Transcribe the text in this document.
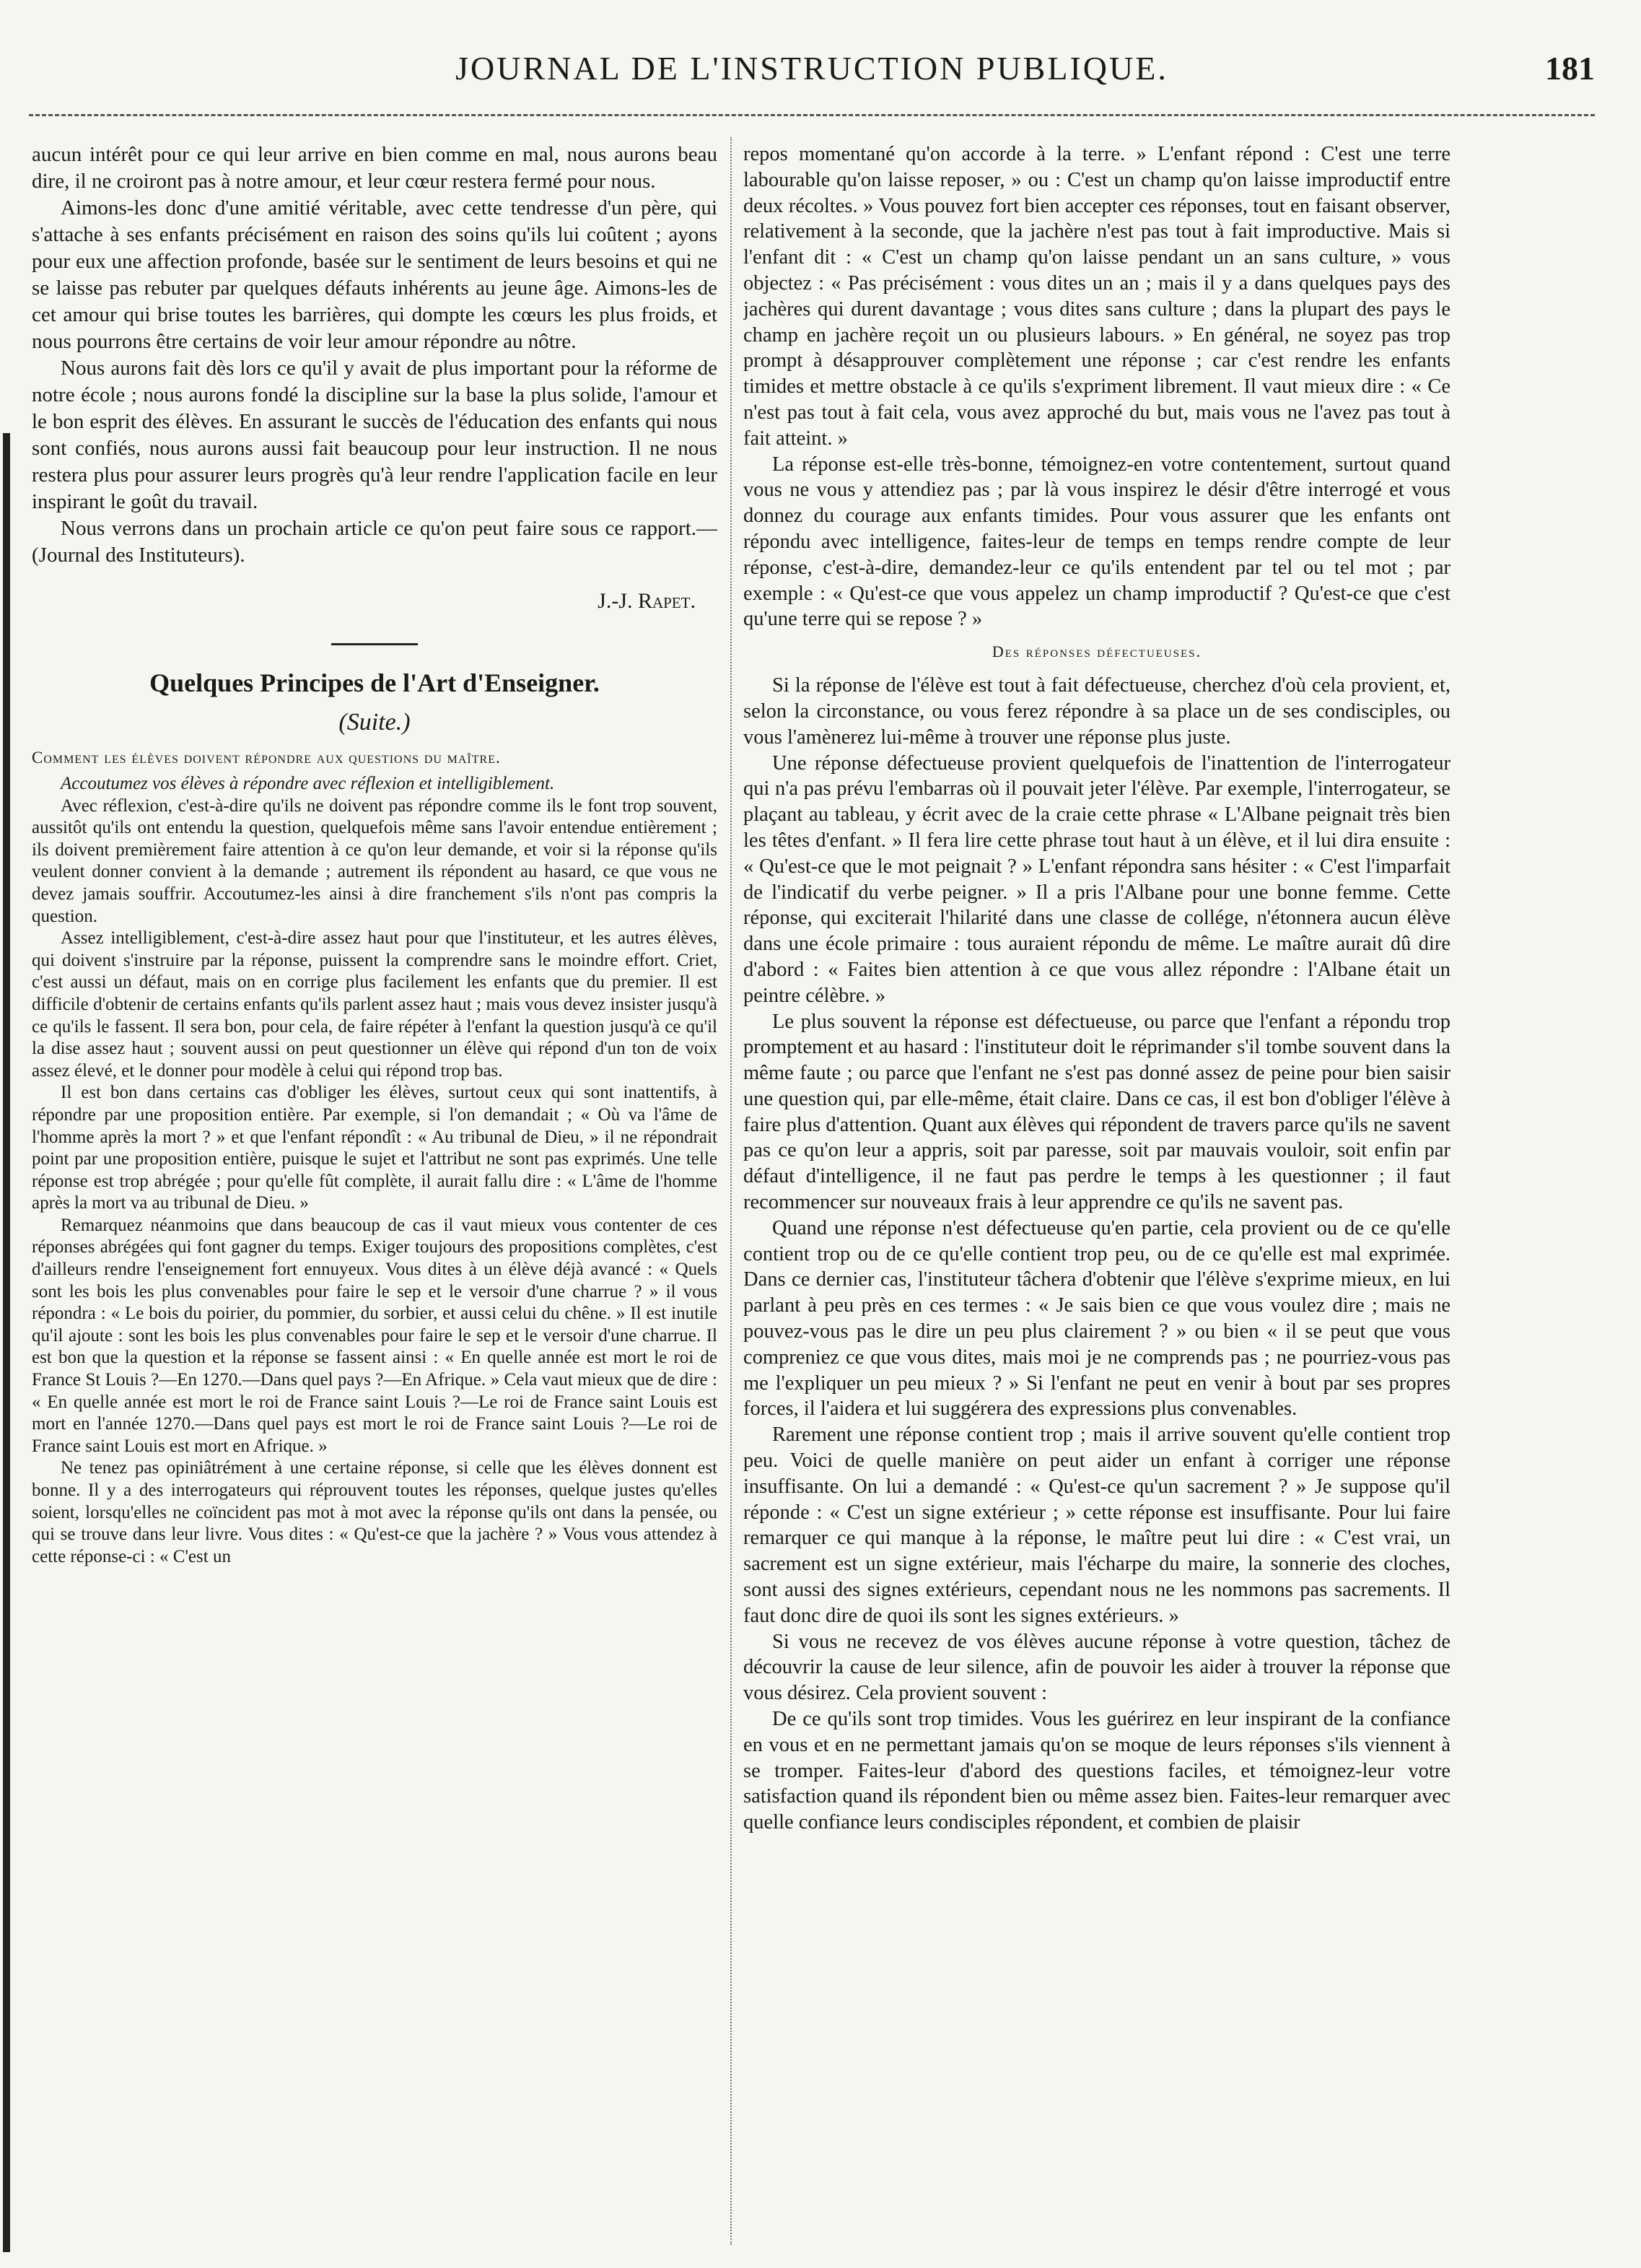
JOURNAL DE L'INSTRUCTION PUBLIQUE.	181

aucun intérêt pour ce qui leur arrive en bien comme en mal, nous aurons beau dire, il ne croiront pas à notre amour, et leur cœur restera fermé pour nous.

Aimons-les donc d'une amitié véritable, avec cette tendresse d'un père, qui s'attache à ses enfants précisément en raison des soins qu'ils lui coûtent ; ayons pour eux une affection profonde, basée sur le sentiment de leurs besoins et qui ne se laisse pas rebuter par quelques défauts inhérents au jeune âge. Aimons-les de cet amour qui brise toutes les barrières, qui dompte les cœurs les plus froids, et nous pourrons être certains de voir leur amour répondre au nôtre.

Nous aurons fait dès lors ce qu'il y avait de plus important pour la réforme de notre école ; nous aurons fondé la discipline sur la base la plus solide, l'amour et le bon esprit des élèves. En assurant le succès de l'éducation des enfants qui nous sont confiés, nous aurons aussi fait beaucoup pour leur instruction. Il ne nous restera plus pour assurer leurs progrès qu'à leur rendre l'application facile en leur inspirant le goût du travail.

Nous verrons dans un prochain article ce qu'on peut faire sous ce rapport.—(Journal des Instituteurs).

J.-J. Rapet.

Quelques Principes de l'Art d'Enseigner.

(Suite.)

Comment les élèves doivent répondre aux questions du maître.

Accoutumez vos élèves à répondre avec réflexion et intelligiblement.

Avec réflexion, c'est-à-dire qu'ils ne doivent pas répondre comme ils le font trop souvent, aussitôt qu'ils ont entendu la question, quelquefois même sans l'avoir entendue entièrement ; ils doivent premièrement faire attention à ce qu'on leur demande, et voir si la réponse qu'ils veulent donner convient à la demande ; autrement ils répondent au hasard, ce que vous ne devez jamais souffrir. Accoutumez-les ainsi à dire franchement s'ils n'ont pas compris la question.

Assez intelligiblement, c'est-à-dire assez haut pour que l'instituteur, et les autres élèves, qui doivent s'instruire par la réponse, puissent la comprendre sans le moindre effort. Criet, c'est aussi un défaut, mais on en corrige plus facilement les enfants que du premier. Il est difficile d'obtenir de certains enfants qu'ils parlent assez haut ; mais vous devez insister jusqu'à ce qu'ils le fassent. Il sera bon, pour cela, de faire répéter à l'enfant la question jusqu'à ce qu'il la dise assez haut ; souvent aussi on peut questionner un élève qui répond d'un ton de voix assez élevé, et le donner pour modèle à celui qui répond trop bas.

Il est bon dans certains cas d'obliger les élèves, surtout ceux qui sont inattentifs, à répondre par une proposition entière. Par exemple, si l'on demandait ; « Où va l'âme de l'homme après la mort ? » et que l'enfant répondît : « Au tribunal de Dieu, » il ne répondrait point par une proposition entière, puisque le sujet et l'attribut ne sont pas exprimés. Une telle réponse est trop abrégée ; pour qu'elle fût complète, il aurait fallu dire : « L'âme de l'homme après la mort va au tribunal de Dieu. »

Remarquez néanmoins que dans beaucoup de cas il vaut mieux vous contenter de ces réponses abrégées qui font gagner du temps. Exiger toujours des propositions complètes, c'est d'ailleurs rendre l'enseignement fort ennuyeux. Vous dites à un élève déjà avancé : « Quels sont les bois les plus convenables pour faire le sep et le versoir d'une charrue ? » il vous répondra : « Le bois du poirier, du pommier, du sorbier, et aussi celui du chêne. » Il est inutile qu'il ajoute : sont les bois les plus convenables pour faire le sep et le versoir d'une charrue. Il est bon que la question et la réponse se fassent ainsi : « En quelle année est mort le roi de France St Louis ?—En 1270.—Dans quel pays ?—En Afrique. » Cela vaut mieux que de dire : « En quelle année est mort le roi de France saint Louis ?—Le roi de France saint Louis est mort en l'année 1270.—Dans quel pays est mort le roi de France saint Louis ?—Le roi de France saint Louis est mort en Afrique. »

Ne tenez pas opiniâtrément à une certaine réponse, si celle que les élèves donnent est bonne. Il y a des interrogateurs qui réprouvent toutes les réponses, quelque justes qu'elles soient, lorsqu'elles ne coïncident pas mot à mot avec la réponse qu'ils ont dans la pensée, ou qui se trouve dans leur livre. Vous dites : « Qu'est-ce que la jachère ? » Vous vous attendez à cette réponse-ci : « C'est un

repos momentané qu'on accorde à la terre. » L'enfant répond : C'est une terre labourable qu'on laisse reposer, » ou : C'est un champ qu'on laisse improductif entre deux récoltes. » Vous pouvez fort bien accepter ces réponses, tout en faisant observer, relativement à la seconde, que la jachère n'est pas tout à fait improductive. Mais si l'enfant dit : « C'est un champ qu'on laisse pendant un an sans culture, » vous objectez : « Pas précisément : vous dites un an ; mais il y a dans quelques pays des jachères qui durent davantage ; vous dites sans culture ; dans la plupart des pays le champ en jachère reçoit un ou plusieurs labours. » En général, ne soyez pas trop prompt à désapprouver complètement une réponse ; car c'est rendre les enfants timides et mettre obstacle à ce qu'ils s'expriment librement. Il vaut mieux dire : « Ce n'est pas tout à fait cela, vous avez approché du but, mais vous ne l'avez pas tout à fait atteint. »

La réponse est-elle très-bonne, témoignez-en votre contentement, surtout quand vous ne vous y attendiez pas ; par là vous inspirez le désir d'être interrogé et vous donnez du courage aux enfants timides. Pour vous assurer que les enfants ont répondu avec intelligence, faites-leur de temps en temps rendre compte de leur réponse, c'est-à-dire, demandez-leur ce qu'ils entendent par tel ou tel mot ; par exemple : « Qu'est-ce que vous appelez un champ improductif ? Qu'est-ce que c'est qu'une terre qui se repose ? »

Des réponses défectueuses.

Si la réponse de l'élève est tout à fait défectueuse, cherchez d'où cela provient, et, selon la circonstance, ou vous ferez répondre à sa place un de ses condisciples, ou vous l'amènerez lui-même à trouver une réponse plus juste.

Une réponse défectueuse provient quelquefois de l'inattention de l'interrogateur qui n'a pas prévu l'embarras où il pouvait jeter l'élève. Par exemple, l'interrogateur, se plaçant au tableau, y écrit avec de la craie cette phrase « L'Albane peignait très bien les têtes d'enfant. » Il fera lire cette phrase tout haut à un élève, et il lui dira ensuite : « Qu'est-ce que le mot peignait ? » L'enfant répondra sans hésiter : « C'est l'imparfait de l'indicatif du verbe peigner. » Il a pris l'Albane pour une bonne femme. Cette réponse, qui exciterait l'hilarité dans une classe de collége, n'étonnera aucun élève dans une école primaire : tous auraient répondu de même. Le maître aurait dû dire d'abord : « Faites bien attention à ce que vous allez répondre : l'Albane était un peintre célèbre. »

Le plus souvent la réponse est défectueuse, ou parce que l'enfant a répondu trop promptement et au hasard : l'instituteur doit le réprimander s'il tombe souvent dans la même faute ; ou parce que l'enfant ne s'est pas donné assez de peine pour bien saisir une question qui, par elle-même, était claire. Dans ce cas, il est bon d'obliger l'élève à faire plus d'attention. Quant aux élèves qui répondent de travers parce qu'ils ne savent pas ce qu'on leur a appris, soit par paresse, soit par mauvais vouloir, soit enfin par défaut d'intelligence, il ne faut pas perdre le temps à les questionner ; il faut recommencer sur nouveaux frais à leur apprendre ce qu'ils ne savent pas.

Quand une réponse n'est défectueuse qu'en partie, cela provient ou de ce qu'elle contient trop ou de ce qu'elle contient trop peu, ou de ce qu'elle est mal exprimée. Dans ce dernier cas, l'instituteur tâchera d'obtenir que l'élève s'exprime mieux, en lui parlant à peu près en ces termes : « Je sais bien ce que vous voulez dire ; mais ne pouvez-vous pas le dire un peu plus clairement ? » ou bien « il se peut que vous compreniez ce que vous dites, mais moi je ne comprends pas ; ne pourriez-vous pas me l'expliquer un peu mieux ? » Si l'enfant ne peut en venir à bout par ses propres forces, il l'aidera et lui suggérera des expressions plus convenables.

Rarement une réponse contient trop ; mais il arrive souvent qu'elle contient trop peu. Voici de quelle manière on peut aider un enfant à corriger une réponse insuffisante. On lui a demandé : « Qu'est-ce qu'un sacrement ? » Je suppose qu'il réponde : « C'est un signe extérieur ; » cette réponse est insuffisante. Pour lui faire remarquer ce qui manque à la réponse, le maître peut lui dire : « C'est vrai, un sacrement est un signe extérieur, mais l'écharpe du maire, la sonnerie des cloches, sont aussi des signes extérieurs, cependant nous ne les nommons pas sacrements. Il faut donc dire de quoi ils sont les signes extérieurs. »

Si vous ne recevez de vos élèves aucune réponse à votre question, tâchez de découvrir la cause de leur silence, afin de pouvoir les aider à trouver la réponse que vous désirez. Cela provient souvent :

De ce qu'ils sont trop timides. Vous les guérirez en leur inspirant de la confiance en vous et en ne permettant jamais qu'on se moque de leurs réponses s'ils viennent à se tromper. Faites-leur d'abord des questions faciles, et témoignez-leur votre satisfaction quand ils répondent bien ou même assez bien. Faites-leur remarquer avec quelle confiance leurs condisciples répondent, et combien de plaisir
